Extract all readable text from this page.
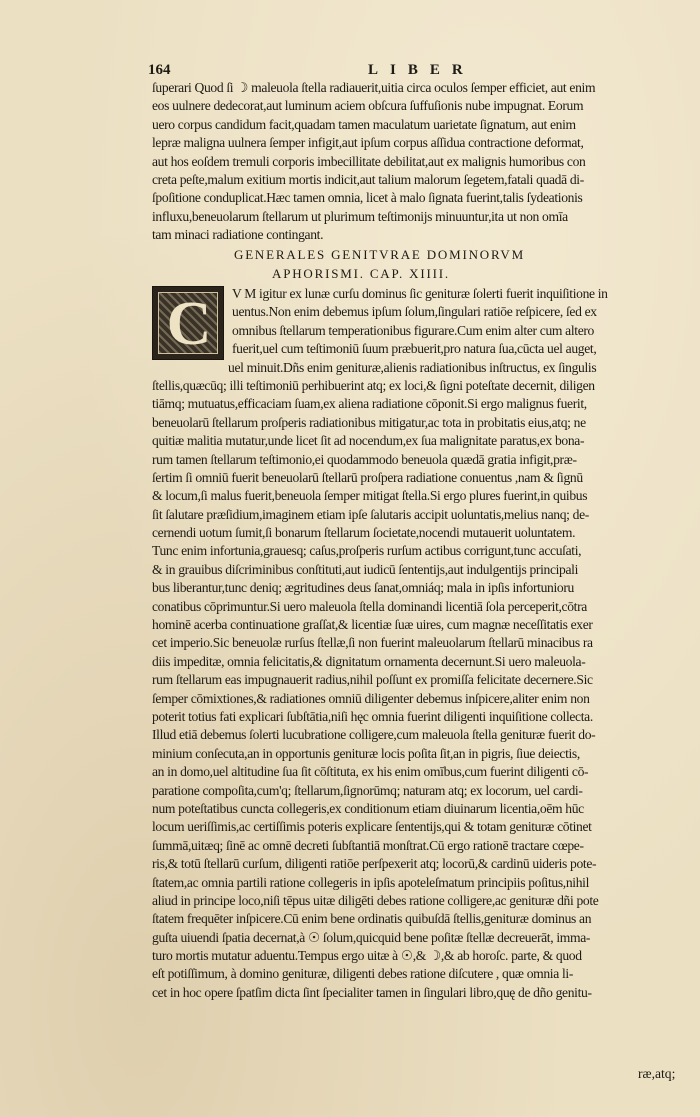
164	LIBER
ſuperari Quod ſi ☽ maleuola ſtella radiauerit,uitia circa oculos ſemper efficiet, aut enim
eos uulnere dedecorat,aut luminum aciem obſcura ſuffuſionis nube impugnat. Eorum
uero corpus candidum facit,quadam tamen maculatum uarietate ſignatum, aut enim
lepræ maligna uulnera ſemper infigit,aut ipſum corpus aſſidua contractione deformat,
aut hos eoſdem tremuli corporis imbecillitate debilitat,aut ex malignis humoribus con
creta peſte,malum exitium mortis indicit,aut talium malorum ſegetem,fatali quadā di-
ſpoſitione conduplicat.Hæc tamen omnia, licet à malo ſignata fuerint,talis ſydeationis
influxu,beneuolarum ſtellarum ut plurimum teſtimonijs minuuntur,ita ut non omīa
tam minaci radiatione contingant.
GENERALES GENITVRAE DOMINORVM
APHORISMI. CAP. XIIII.
C	V M igitur ex lunæ curſu dominus ſic genituræ ſolerti fuerit inquiſitione in
uentus.Non enim debemus ipſum ſolum,ſingulari ratiōe reſpicere, ſed ex
omnibus ſtellarum temperationibus figurare.Cum enim alter cum altero
fuerit,uel cum teſtimoniū ſuum præbuerit,pro natura ſua,cūcta uel auget,
uel minuit.Dñs enim genituræ,alienis radiationibus inſtructus, ex ſingulis
ſtellis,quæcūq; illi teſtimoniū perhibuerint atq; ex loci,& ſigni poteſtate decernit, diligen
tiāmq; mutuatus,efficaciam ſuam,ex aliena radiatione cōponit.Si ergo malignus fuerit,
beneuolarū ſtellarum proſperis radiationibus mitigatur,ac tota in probitatis eius,atq; ne
quitiæ malitia mutatur,unde licet ſit ad nocendum,ex ſua malignitate paratus,ex bona-
rum tamen ſtellarum teſtimonio,ei quodammodo beneuola quædā gratia infigit,præ-
ſertim ſi omniū fuerit beneuolarū ſtellarū proſpera radiatione conuentus ,nam & ſignū
& locum,ſi malus fuerit,beneuola ſemper mitigat ſtella.Si ergo plures fuerint,in quibus
ſit ſalutare præſidium,imaginem etiam ipſe ſalutaris accipit uoluntatis,melius nanq; de-
cernendi uotum ſumit,ſi bonarum ſtellarum ſocietate,nocendi mutauerit uoluntatem.
Tunc enim infortunia,grauesq; caſus,proſperis rurſum actibus corrigunt,tunc accuſati,
& in grauibus diſcriminibus conſtituti,aut iudicū ſententijs,aut indulgentijs principali
bus liberantur,tunc deniq; ægritudines deus ſanat,omniáq; mala in ipſis infortunioru
conatibus cōprimuntur.Si uero maleuola ſtella dominandi licentiā ſola perceperit,cōtra
hominē acerba continuatione graſſat,& licentiæ ſuæ uires, cum magnæ neceſſitatis exer
cet imperio.Sic beneuolæ rurſus ſtellæ,ſi non fuerint maleuolarum ſtellarū minacibus ra
diis impeditæ, omnia felicitatis,& dignitatum ornamenta decernunt.Si uero maleuola-
rum ſtellarum eas impugnauerit radius,nihil poſſunt ex promiſſa felicitate decernere.Sic
ſemper cōmixtiones,& radiationes omniū diligenter debemus inſpicere,aliter enim non
poterit totius fati explicari ſubſtātia,niſi hęc omnia fuerint diligenti inquiſitione collecta.
Illud etiā debemus ſolerti lucubratione colligere,cum maleuola ſtella genituræ fuerit do-
minium conſecuta,an in opportunis genituræ locis poſita ſit,an in pigris, ſiue deiectis,
an in domo,uel altitudine ſua ſit cōſtituta, ex his enim omībus,cum fuerint diligenti cō-
paratione compoſita,cum'q; ſtellarum,ſignorūmq; naturam atq; ex locorum, uel cardi-
num poteſtatibus cuncta collegeris,ex conditionum etiam diuinarum licentia,oēm hūc
locum ueriſſimis,ac certiſſimis poteris explicare ſententijs,qui & totam genituræ cōtinet
ſummā,uitæq; ſinē ac omnē decreti ſubſtantiā monſtrat.Cū ergo rationē tractare cœpe-
ris,& totū ſtellarū curſum, diligenti ratiōe perſpexerit atq; locorū,& cardinū uideris pote-
ſtatem,ac omnia partili ratione collegeris in ipſis apoteleſmatum principiis poſitus,nihil
aliud in principe loco,niſi tēpus uitæ diligēti debes ratione colligere,ac genituræ dñi pote
ſtatem frequēter inſpicere.Cū enim bene ordinatis quibuſdā ſtellis,genituræ dominus an
guſta uiuendi ſpatia decernat,à ☉ ſolum,quicquid bene poſitæ ſtellæ decreuerāt, imma-
turo mortis mutatur aduentu.Tempus ergo uitæ à ☉,& ☽,& ab horoſc. parte, & quod
eſt potiſſimum, à domino genituræ, diligenti debes ratione diſcutere , quæ omnia li-
cet in hoc opere ſpatſim dicta ſint ſpecialiter tamen in ſingulari libro,quę de dño genitu-
ræ,atq;
